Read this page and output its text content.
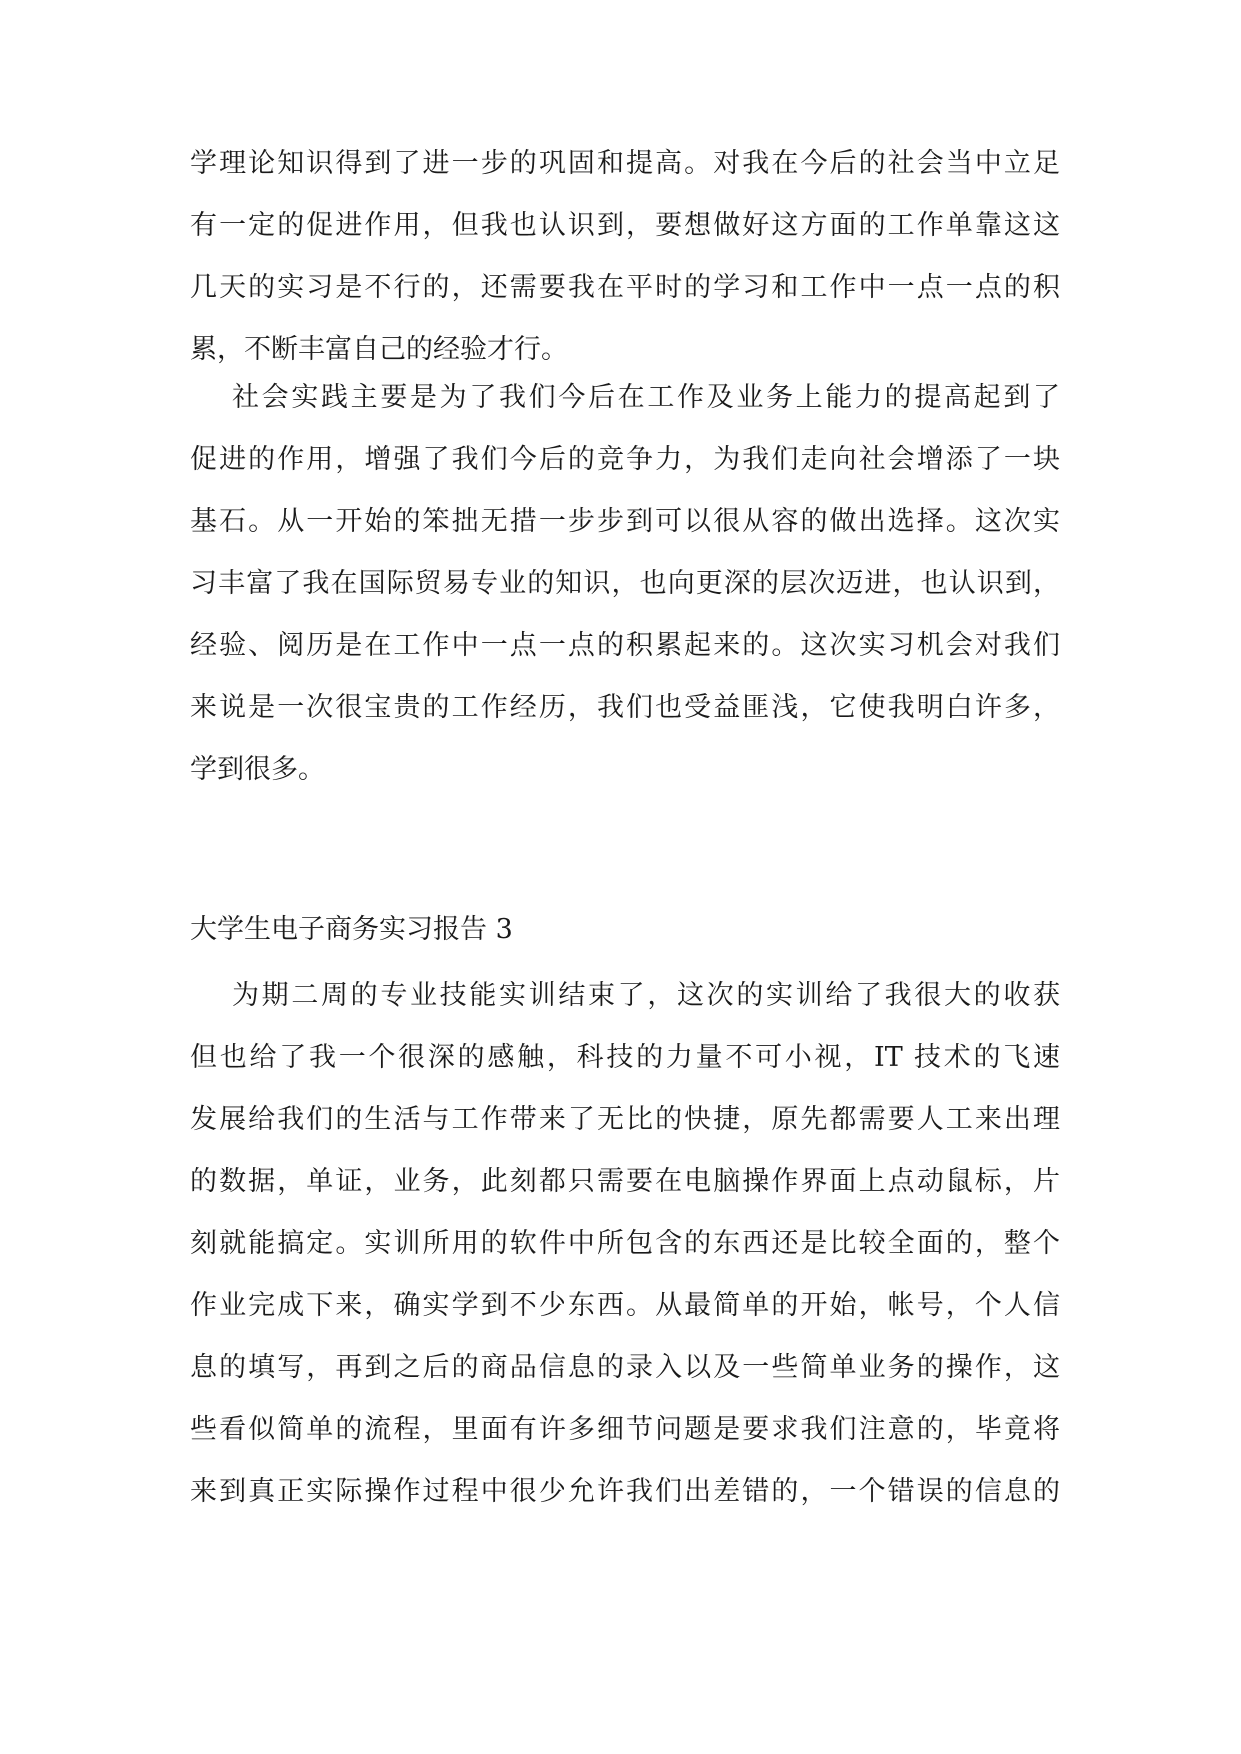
学理论知识得到了进一步的巩固和提高。对我在今后的社会当中立足
有一定的促进作用，但我也认识到，要想做好这方面的工作单靠这这
几天的实习是不行的，还需要我在平时的学习和工作中一点一点的积
累，不断丰富自己的经验才行。
社会实践主要是为了我们今后在工作及业务上能力的提高起到了
促进的作用，增强了我们今后的竞争力，为我们走向社会增添了一块
基石。从一开始的笨拙无措一步步到可以很从容的做出选择。这次实
习丰富了我在国际贸易专业的知识，也向更深的层次迈进，也认识到，
经验、阅历是在工作中一点一点的积累起来的。这次实习机会对我们
来说是一次很宝贵的工作经历，我们也受益匪浅，它使我明白许多，
学到很多。
大学生电子商务实习报告 3
为期二周的专业技能实训结束了，这次的实训给了我很大的收获
但也给了我一个很深的感触，科技的力量不可小视，IT 技术的飞速
发展给我们的生活与工作带来了无比的快捷，原先都需要人工来出理
的数据，单证，业务，此刻都只需要在电脑操作界面上点动鼠标，片
刻就能搞定。实训所用的软件中所包含的东西还是比较全面的，整个
作业完成下来，确实学到不少东西。从最简单的开始，帐号，个人信
息的填写，再到之后的商品信息的录入以及一些简单业务的操作，这
些看似简单的流程，里面有许多细节问题是要求我们注意的，毕竟将
来到真正实际操作过程中很少允许我们出差错的，一个错误的信息的
